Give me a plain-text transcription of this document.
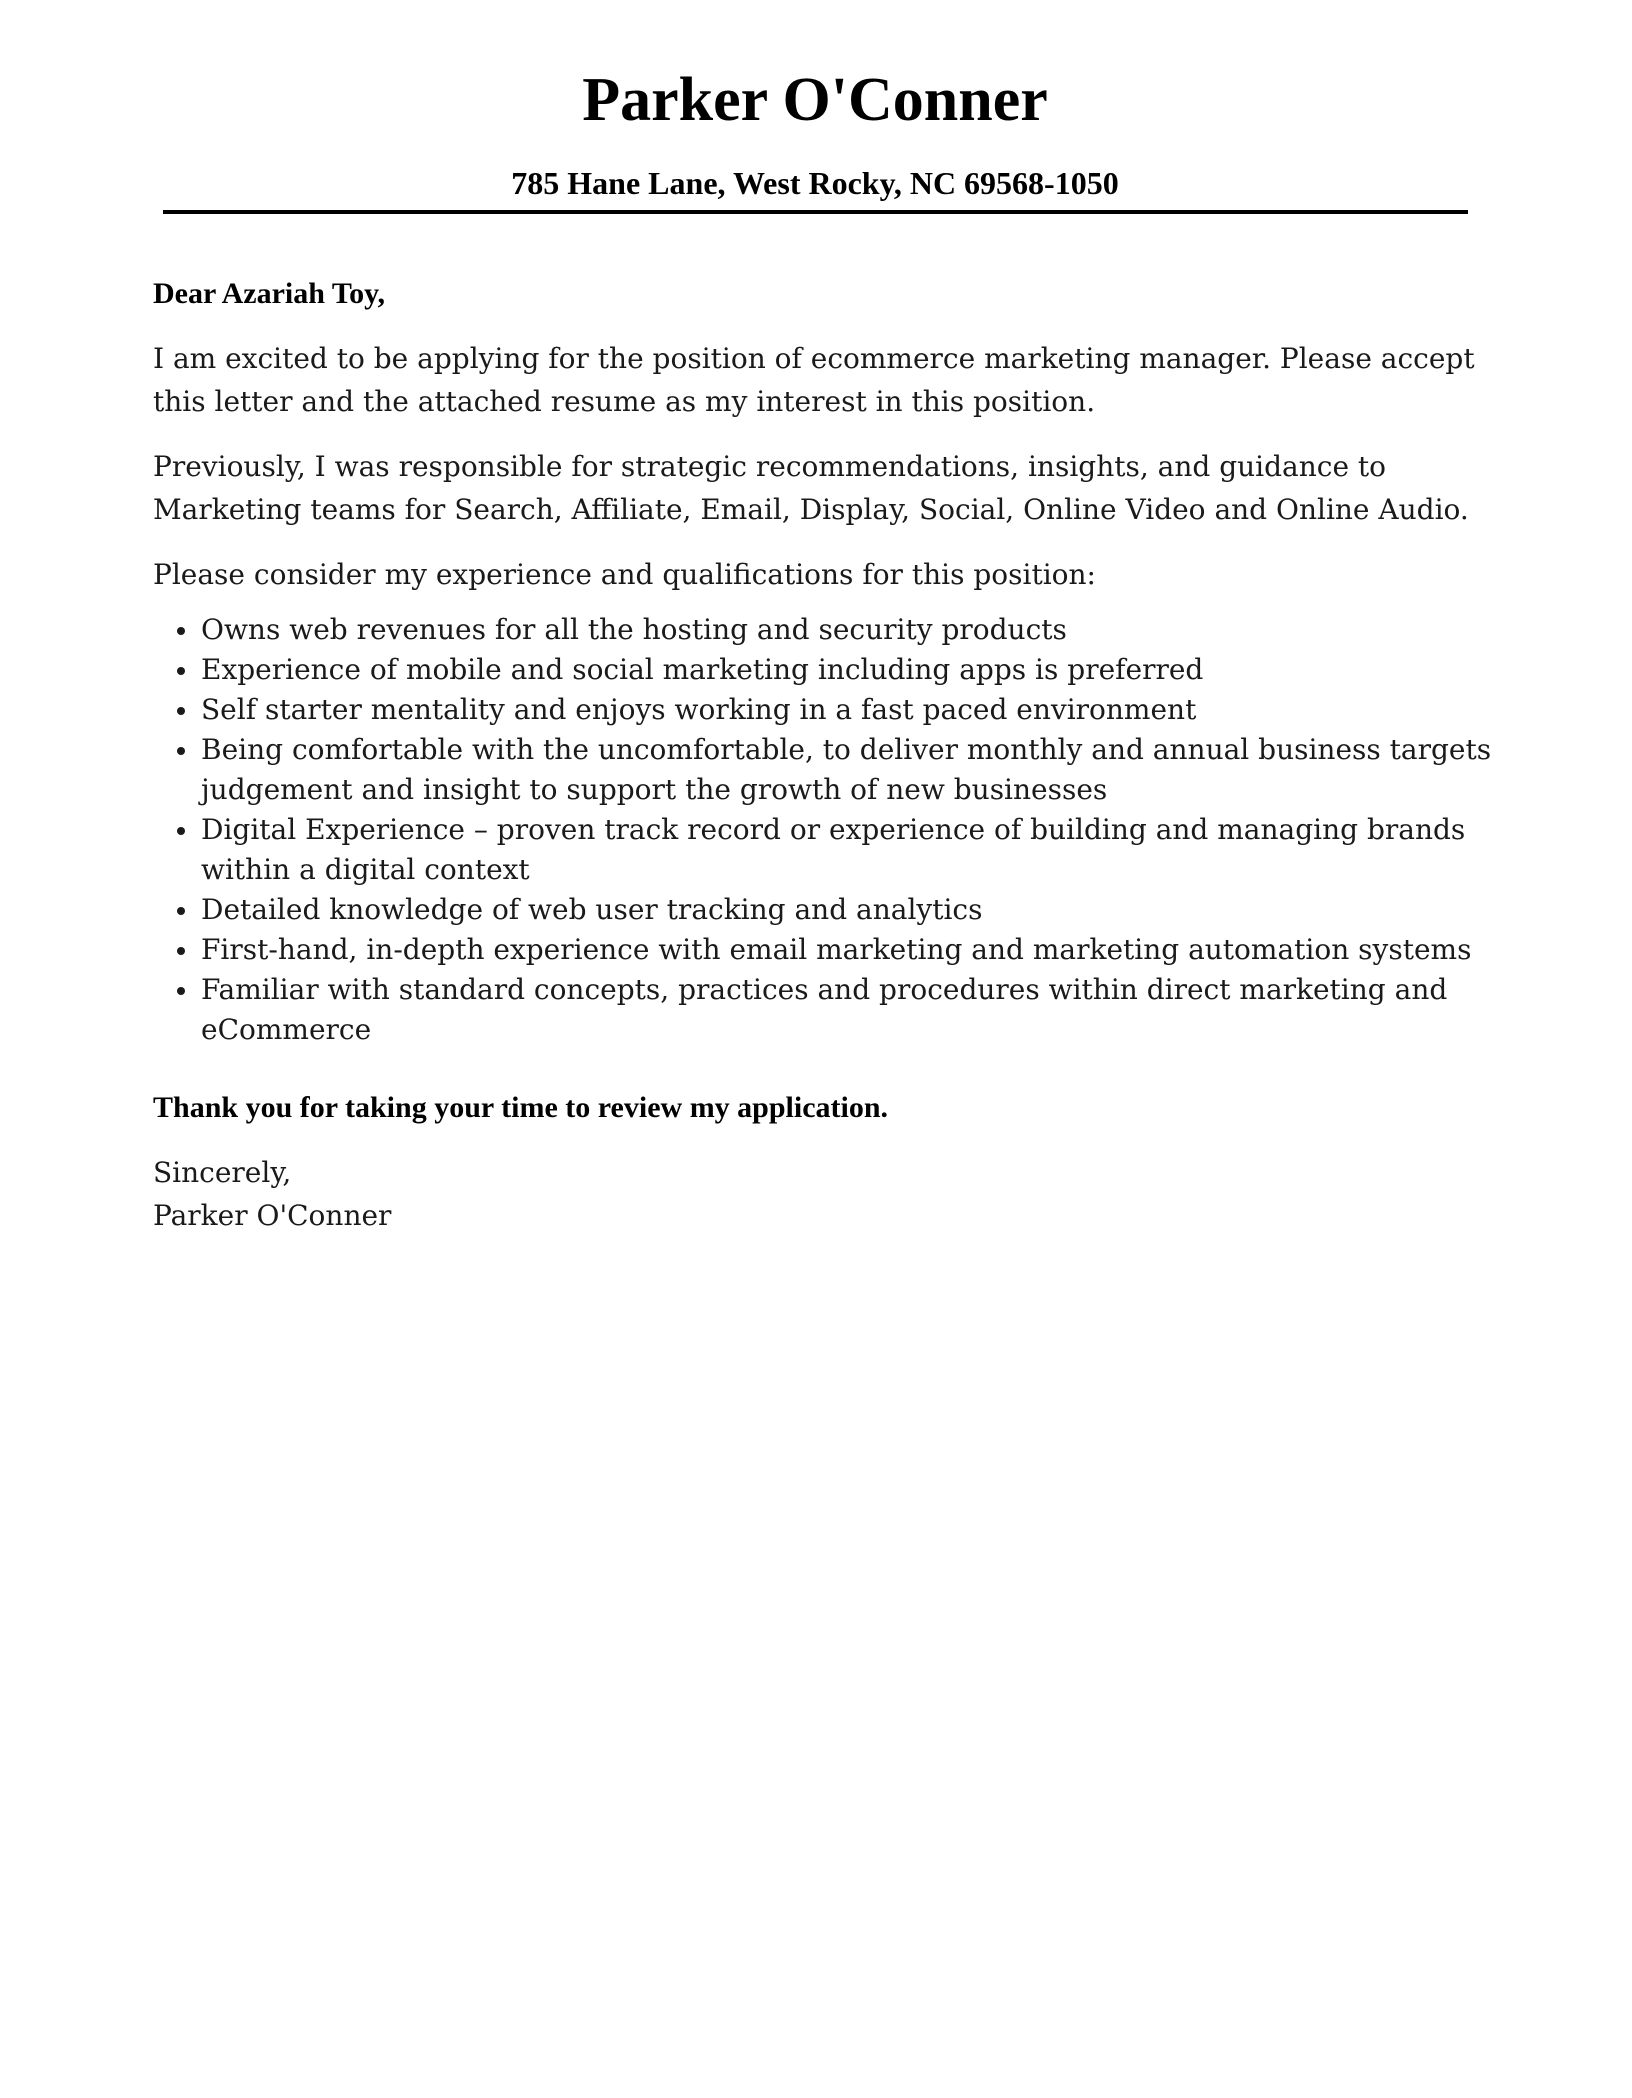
Parker O'Conner
785 Hane Lane, West Rocky, NC 69568-1050

Dear Azariah Toy,

I am excited to be applying for the position of ecommerce marketing manager. Please accept this letter and the attached resume as my interest in this position.

Previously, I was responsible for strategic recommendations, insights, and guidance to Marketing teams for Search, Affiliate, Email, Display, Social, Online Video and Online Audio.

Please consider my experience and qualifications for this position:

Owns web revenues for all the hosting and security products
Experience of mobile and social marketing including apps is preferred
Self starter mentality and enjoys working in a fast paced environment
Being comfortable with the uncomfortable, to deliver monthly and annual business targets judgement and insight to support the growth of new businesses
Digital Experience – proven track record or experience of building and managing brands within a digital context
Detailed knowledge of web user tracking and analytics
First-hand, in-depth experience with email marketing and marketing automation systems
Familiar with standard concepts, practices and procedures within direct marketing and eCommerce

Thank you for taking your time to review my application.

Sincerely,

Parker O'Conner
